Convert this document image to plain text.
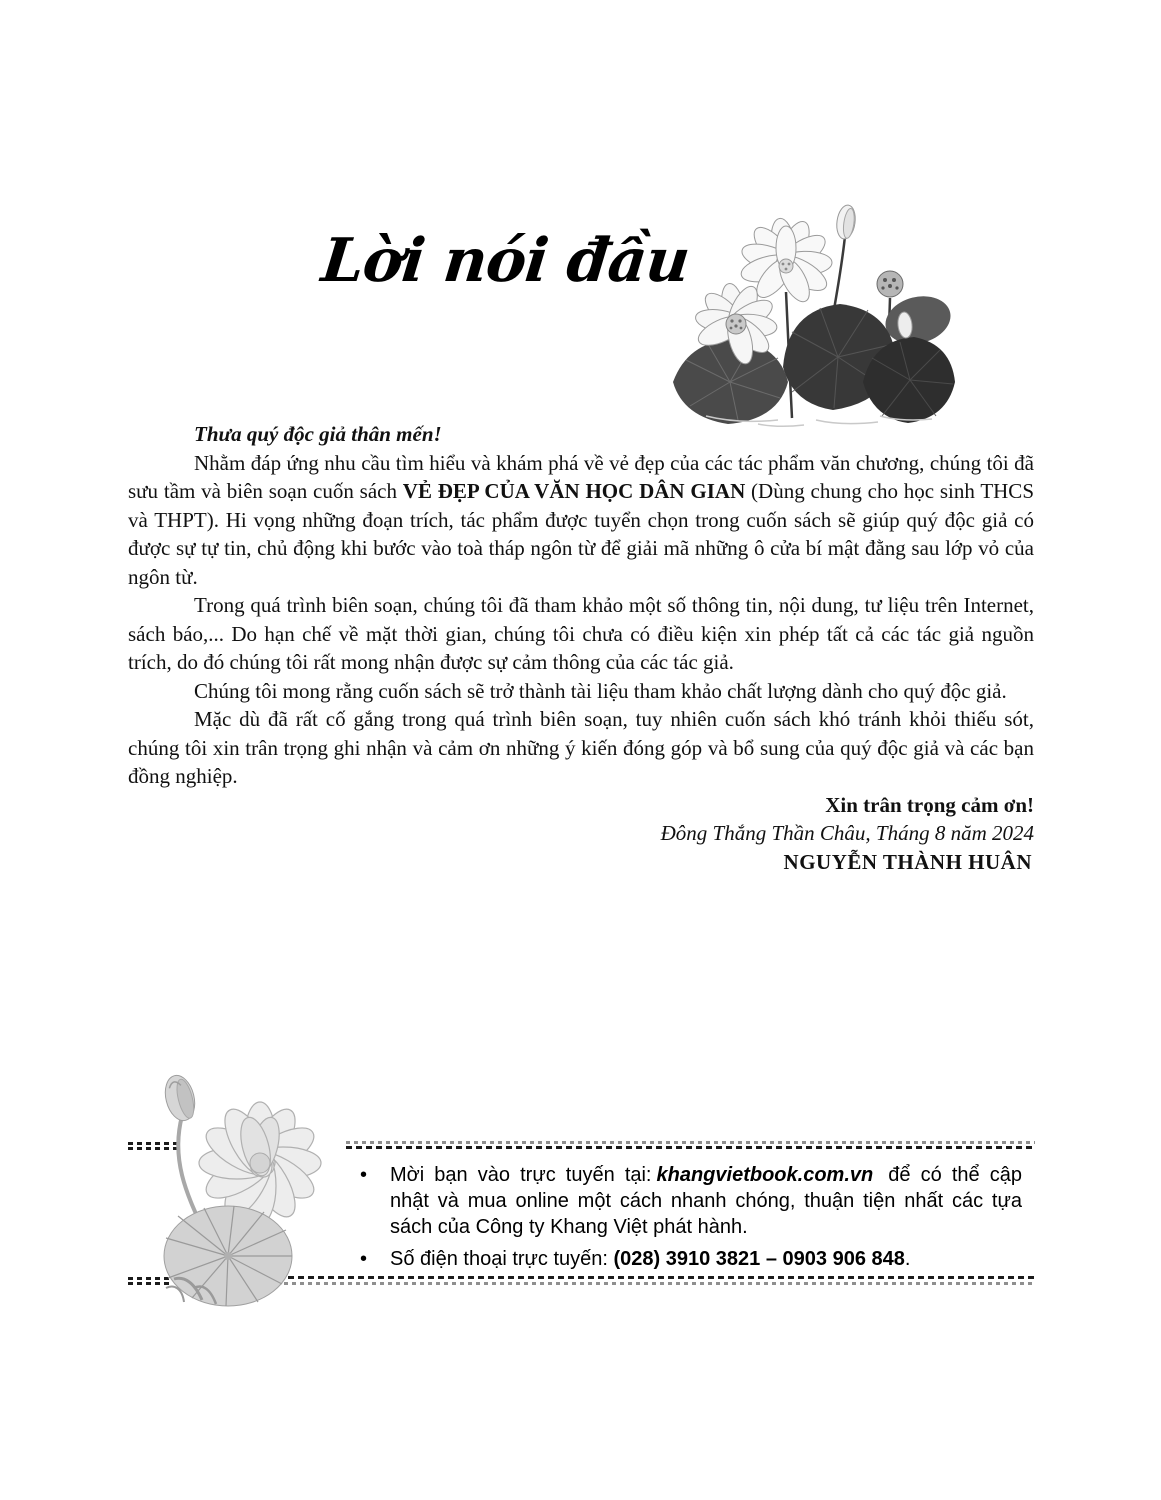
Lời nói đầu

Thưa quý độc giả thân mến!

Nhằm đáp ứng nhu cầu tìm hiểu và khám phá về vẻ đẹp của các tác phẩm văn chương, chúng tôi đã sưu tầm và biên soạn cuốn sách VẺ ĐẸP CỦA VĂN HỌC DÂN GIAN (Dùng chung cho học sinh THCS và THPT). Hi vọng những đoạn trích, tác phẩm được tuyển chọn trong cuốn sách sẽ giúp quý độc giả có được sự tự tin, chủ động khi bước vào toà tháp ngôn từ để giải mã những ô cửa bí mật đằng sau lớp vỏ của ngôn từ.

Trong quá trình biên soạn, chúng tôi đã tham khảo một số thông tin, nội dung, tư liệu trên Internet, sách báo,... Do hạn chế về mặt thời gian, chúng tôi chưa có điều kiện xin phép tất cả các tác giả nguồn trích, do đó chúng tôi rất mong nhận được sự cảm thông của các tác giả.

Chúng tôi mong rằng cuốn sách sẽ trở thành tài liệu tham khảo chất lượng dành cho quý độc giả.

Mặc dù đã rất cố gắng trong quá trình biên soạn, tuy nhiên cuốn sách khó tránh khỏi thiếu sót, chúng tôi xin trân trọng ghi nhận và cảm ơn những ý kiến đóng góp và bổ sung của quý độc giả và các bạn đồng nghiệp.

Xin trân trọng cảm ơn!
Đông Thắng Thần Châu, Tháng 8 năm 2024
NGUYỄN THÀNH HUÂN

• Mời bạn vào trực tuyến tại: khangvietbook.com.vn để có thể cập nhật và mua online một cách nhanh chóng, thuận tiện nhất các tựa sách của Công ty Khang Việt phát hành.

• Số điện thoại trực tuyến: (028) 3910 3821 – 0903 906 848.
